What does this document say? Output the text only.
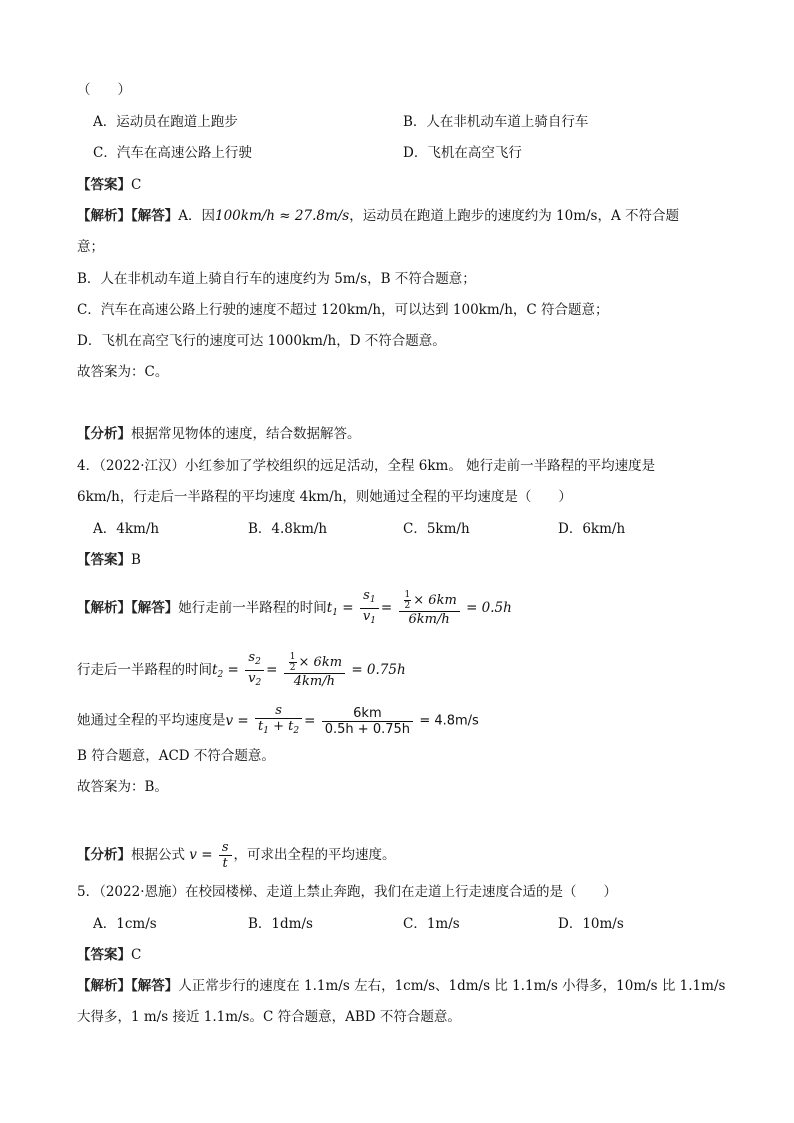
（　　）
A．运动员在跑道上跑步	B．人在非机动车道上骑自行车
C．汽车在高速公路上行驶	D．飞机在高空飞行
【答案】C
【解析】【解答】A．因100km/h ≈ 27.8m/s，运动员在跑道上跑步的速度约为 10m/s，A 不符合题
意；
B．人在非机动车道上骑自行车的速度约为 5m/s，B 不符合题意；
C．汽车在高速公路上行驶的速度不超过 120km/h，可以达到 100km/h，C 符合题意；
D．飞机在高空飞行的速度可达 1000km/h，D 不符合题意。
故答案为：C。
【分析】根据常见物体的速度，结合数据解答。
4．（2022·江汉）小红参加了学校组织的远足活动，全程 6km。 她行走前一半路程的平均速度是
6km/h，行走后一半路程的平均速度 4km/h，则她通过全程的平均速度是（　　）
A．4km/h	B．4.8km/h	C．5km/h	D．6km/h
【答案】B
【解析】【解答】她行走前一半路程的时间$t_1 = \frac{s_1}{v_1} = \frac{\frac{1}{2} \times 6km}{6km/h} = 0.5h$
行走后一半路程的时间$t_2 = \frac{s_2}{v_2} = \frac{\frac{1}{2} \times 6km}{4km/h} = 0.75h$
她通过全程的平均速度是$v = \frac{s}{t_1 + t_2} = \frac{6km}{0.5h + 0.75h} = 4.8m/s$
B 符合题意，ACD 不符合题意。
故答案为：B。
【分析】根据公式 $v = \frac{s}{t}$ ，可求出全程的平均速度。
5．（2022·恩施）在校园楼梯、走道上禁止奔跑，我们在走道上行走速度合适的是（　　）
A．1cm/s	B．1dm/s	C．1m/s	D．10m/s
【答案】C
【解析】【解答】人正常步行的速度在 1.1m/s 左右，1cm/s、1dm/s 比 1.1m/s 小得多，10m/s 比 1.1m/s
大得多，1 m/s 接近 1.1m/s。C 符合题意，ABD 不符合题意。
